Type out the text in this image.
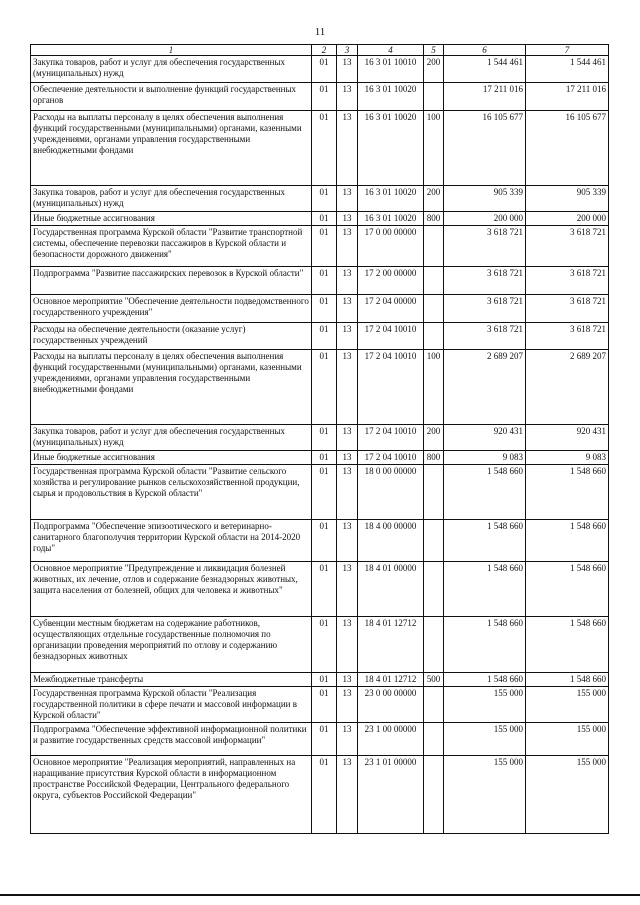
11
1	2	3	4	5	6	7
Закупка товаров, работ и услуг для обеспечения государственных (муниципальных) нужд	01	13	16 3 01 10010	200	1 544 461	1 544 461
Обеспечение деятельности и выполнение функций государственных органов	01	13	16 3 01 10020		17 211 016	17 211 016
Расходы на выплаты персоналу в целях обеспечения выполнения функций государственными (муниципальными) органами, казенными учреждениями, органами управления государственными внебюджетными фондами	01	13	16 3 01 10020	100	16 105 677	16 105 677
Закупка товаров, работ и услуг для обеспечения государственных (муниципальных) нужд	01	13	16 3 01 10020	200	905 339	905 339
Иные бюджетные ассигнования	01	13	16 3 01 10020	800	200 000	200 000
Государственная программа Курской области "Развитие транспортной системы, обеспечение перевозки пассажиров в Курской области и безопасности дорожного движения"	01	13	17 0 00 00000		3 618 721	3 618 721
Подпрограмма "Развитие пассажирских перевозок в Курской области"	01	13	17 2 00 00000		3 618 721	3 618 721
Основное мероприятие "Обеспечение деятельности подведомственного государственного учреждения"	01	13	17 2 04 00000		3 618 721	3 618 721
Расходы на обеспечение деятельности (оказание услуг) государственных учреждений	01	13	17 2 04 10010		3 618 721	3 618 721
Расходы на выплаты персоналу в целях обеспечения выполнения функций государственными (муниципальными) органами, казенными учреждениями, органами управления государственными внебюджетными фондами	01	13	17 2 04 10010	100	2 689 207	2 689 207
Закупка товаров, работ и услуг для обеспечения государственных (муниципальных) нужд	01	13	17 2 04 10010	200	920 431	920 431
Иные бюджетные ассигнования	01	13	17 2 04 10010	800	9 083	9 083
Государственная программа Курской области "Развитие сельского хозяйства и регулирование рынков сельскохозяйственной продукции, сырья и продовольствия в Курской области"	01	13	18 0 00 00000		1 548 660	1 548 660
Подпрограмма "Обеспечение эпизоотического и ветеринарно-санитарного благополучия территории Курской области на 2014-2020 годы"	01	13	18 4 00 00000		1 548 660	1 548 660
Основное мероприятие "Предупреждение и ликвидация болезней животных, их лечение, отлов и содержание безнадзорных животных, защита населения от болезней, общих для человека и животных"	01	13	18 4 01 00000		1 548 660	1 548 660
Субвенции местным бюджетам на содержание работников, осуществляющих отдельные государственные полномочия по организации проведения мероприятий по отлову и содержанию безнадзорных животных	01	13	18 4 01 12712		1 548 660	1 548 660
Межбюджетные трансферты	01	13	18 4 01 12712	500	1 548 660	1 548 660
Государственная программа Курской области "Реализация государственной политики в сфере печати и массовой информации в Курской области"	01	13	23 0 00 00000		155 000	155 000
Подпрограмма "Обеспечение эффективной информационной политики и развитие государственных средств массовой информации"	01	13	23 1 00 00000		155 000	155 000
Основное мероприятие "Реализация мероприятий, направленных на наращивание присутствия Курской области в информационном пространстве Российской Федерации, Центрального федерального округа, субъектов Российской Федерации"	01	13	23 1 01 00000		155 000	155 000
